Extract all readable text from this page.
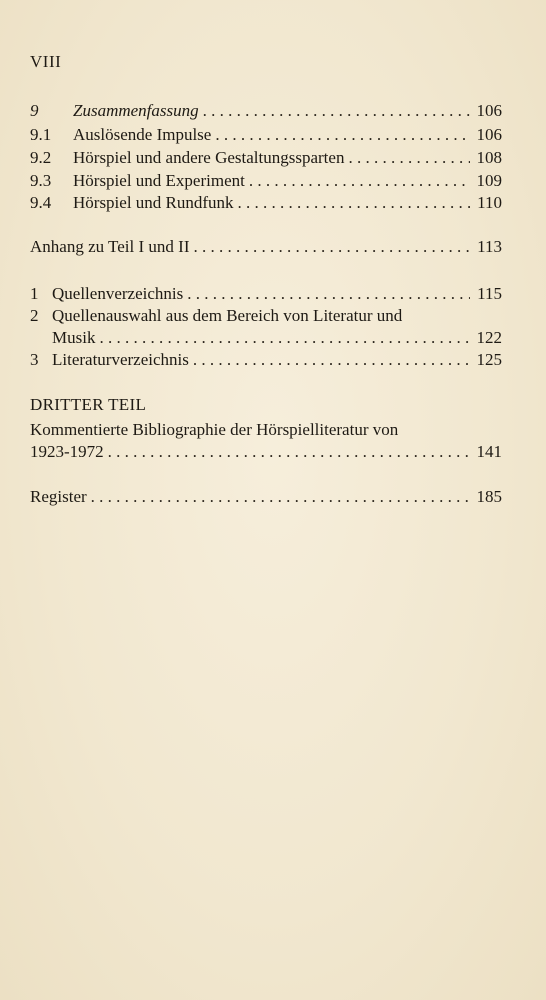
VIII
9	Zusammenfassung . . .	106
9.1	Auslösende Impulse . . .	106
9.2	Hörspiel und andere Gestaltungssparten . . .	108
9.3	Hörspiel und Experiment . . .	109
9.4	Hörspiel und Rundfunk . . .	110
Anhang zu Teil I und II . . .	113
1 Quellenverzeichnis . . .	115
2 Quellenauswahl aus dem Bereich von Literatur und
Musik . . .	122
3 Literaturverzeichnis . . .	125
DRITTER TEIL
Kommentierte Bibliographie der Hörspielliteratur von
1923-1972 . . .	141
Register . . .	185
